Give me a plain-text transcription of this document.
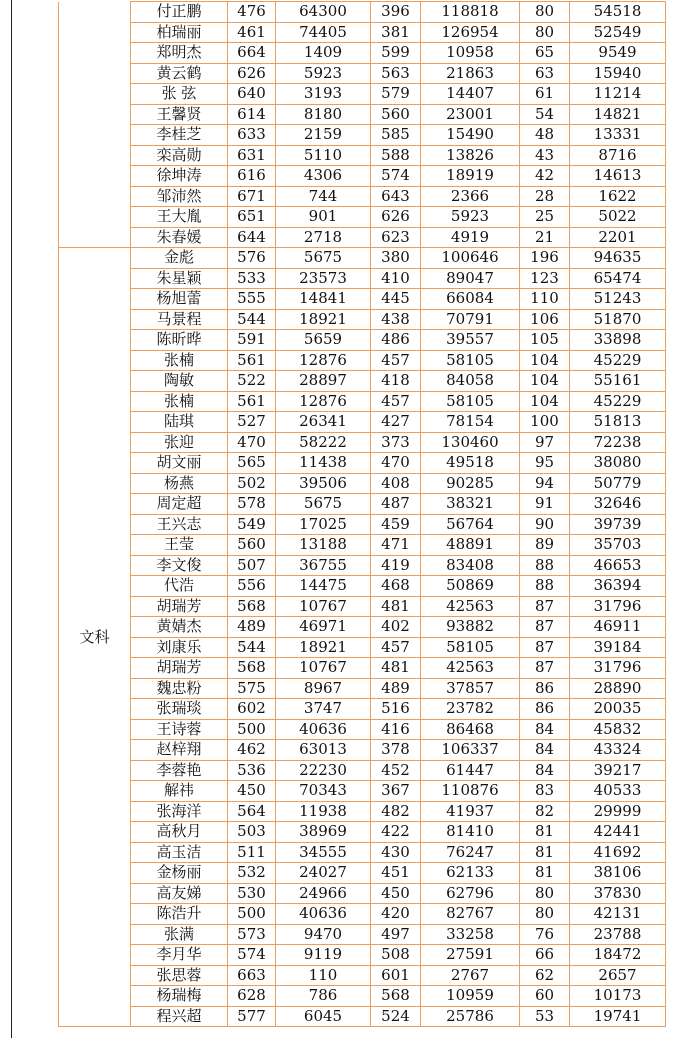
	付正鹏	476	64300	396	118818	80	54518
	柏瑞丽	461	74405	381	126954	80	52549
	郑明杰	664	1409	599	10958	65	9549
	黄云鹤	626	5923	563	21863	63	15940
	张 弦	640	3193	579	14407	61	11214
	王馨贤	614	8180	560	23001	54	14821
	李桂芝	633	2159	585	15490	48	13331
	栾高勋	631	5110	588	13826	43	8716
	徐坤涛	616	4306	574	18919	42	14613
	邹沛然	671	744	643	2366	28	1622
	王大胤	651	901	626	5923	25	5022
	朱春媛	644	2718	623	4919	21	2201
文科	金彪	576	5675	380	100646	196	94635
	朱星颖	533	23573	410	89047	123	65474
	杨旭蕾	555	14841	445	66084	110	51243
	马景程	544	18921	438	70791	106	51870
	陈昕晔	591	5659	486	39557	105	33898
	张楠	561	12876	457	58105	104	45229
	陶敏	522	28897	418	84058	104	55161
	张楠	561	12876	457	58105	104	45229
	陆琪	527	26341	427	78154	100	51813
	张迎	470	58222	373	130460	97	72238
	胡文丽	565	11438	470	49518	95	38080
	杨燕	502	39506	408	90285	94	50779
	周定超	578	5675	487	38321	91	32646
	王兴志	549	17025	459	56764	90	39739
	王莹	560	13188	471	48891	89	35703
	李文俊	507	36755	419	83408	88	46653
	代浩	556	14475	468	50869	88	36394
	胡瑞芳	568	10767	481	42563	87	31796
	黄婧杰	489	46971	402	93882	87	46911
	刘康乐	544	18921	457	58105	87	39184
	胡瑞芳	568	10767	481	42563	87	31796
	魏忠粉	575	8967	489	37857	86	28890
	张瑞琰	602	3747	516	23782	86	20035
	王诗蓉	500	40636	416	86468	84	45832
	赵梓翔	462	63013	378	106337	84	43324
	李蓉艳	536	22230	452	61447	84	39217
	解祎	450	70343	367	110876	83	40533
	张海洋	564	11938	482	41937	82	29999
	高秋月	503	38969	422	81410	81	42441
	高玉洁	511	34555	430	76247	81	41692
	金杨丽	532	24027	451	62133	81	38106
	高友娣	530	24966	450	62796	80	37830
	陈浩升	500	40636	420	82767	80	42131
	张满	573	9470	497	33258	76	23788
	李月华	574	9119	508	27591	66	18472
	张思蓉	663	110	601	2767	62	2657
	杨瑞梅	628	786	568	10959	60	10173
	程兴超	577	6045	524	25786	53	19741
